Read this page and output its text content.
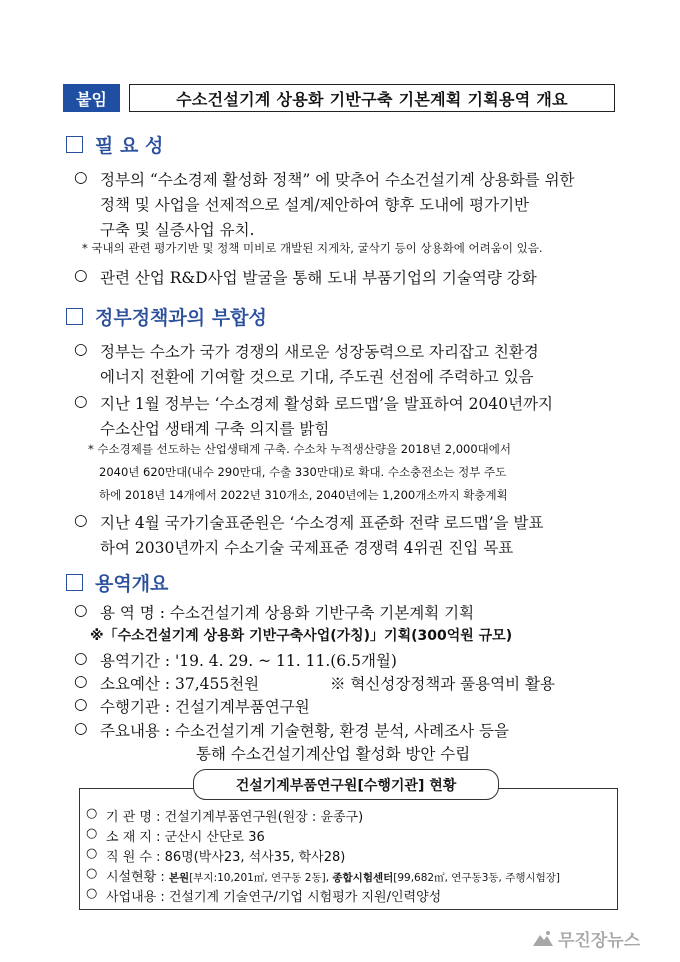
붙임	수소건설기계 상용화 기반구축 기본계획 기획용역 개요
필 요 성
○ 정부의 “수소경제 활성화 정책” 에 맞추어 수소건설기계 상용화를 위한
정책 및 사업을 선제적으로 설계/제안하여 향후 도내에 평가기반
구축 및 실증사업 유치.
* 국내의 관련 평가기반 및 정책 미비로 개발된 지게차, 굴삭기 등이 상용화에 어려움이 있음.
○ 관련 산업 R&D사업 발굴을 통해 도내 부품기업의 기술역량 강화
정부정책과의 부합성
○ 정부는 수소가 국가 경쟁의 새로운 성장동력으로 자리잡고 친환경
에너지 전환에 기여할 것으로 기대, 주도권 선점에 주력하고 있음
○ 지난 1월 정부는 ‘수소경제 활성화 로드맵’을 발표하여 2040년까지
수소산업 생태계 구축 의지를 밝힘
* 수소경제를 선도하는 산업생태계 구축. 수소차 누적생산량을 2018년 2,000대에서
2040년 620만대(내수 290만대, 수출 330만대)로 확대. 수소충전소는 정부 주도
하에 2018년 14개에서 2022년 310개소, 2040년에는 1,200개소까지 확충계획
○ 지난 4월 국가기술표준원은 ‘수소경제 표준화 전략 로드맵’을 발표
하여 2030년까지 수소기술 국제표준 경쟁력 4위권 진입 목표
용역개요
○ 용 역 명 : 수소건설기계 상용화 기반구축 기본계획 기획
※「수소건설기계 상용화 기반구축사업(가칭)」기획(300억원 규모)
○ 용역기간 : '19. 4. 29. ~ 11. 11.(6.5개월)
○ 소요예산 : 37,455천원	※ 혁신성장정책과 풀용역비 활용
○ 수행기관 : 건설기계부품연구원
○ 주요내용 : 수소건설기계 기술현황, 환경 분석, 사례조사 등을
통해 수소건설기계산업 활성화 방안 수립
건설기계부품연구원[수행기관] 현황
○ 기 관 명 : 건설기계부품연구원(원장 : 윤종구)
○ 소 재 지 : 군산시 산단로 36
○ 직 원 수 : 86명(박사23, 석사35, 학사28)
○ 시설현황 : 본원[부지:10,201㎡, 연구동 2동], 종합시험센터[99,682㎡, 연구동3동, 주행시험장]
○ 사업내용 : 건설기계 기술연구/기업 시험평가 지원/인력양성
무진장뉴스
